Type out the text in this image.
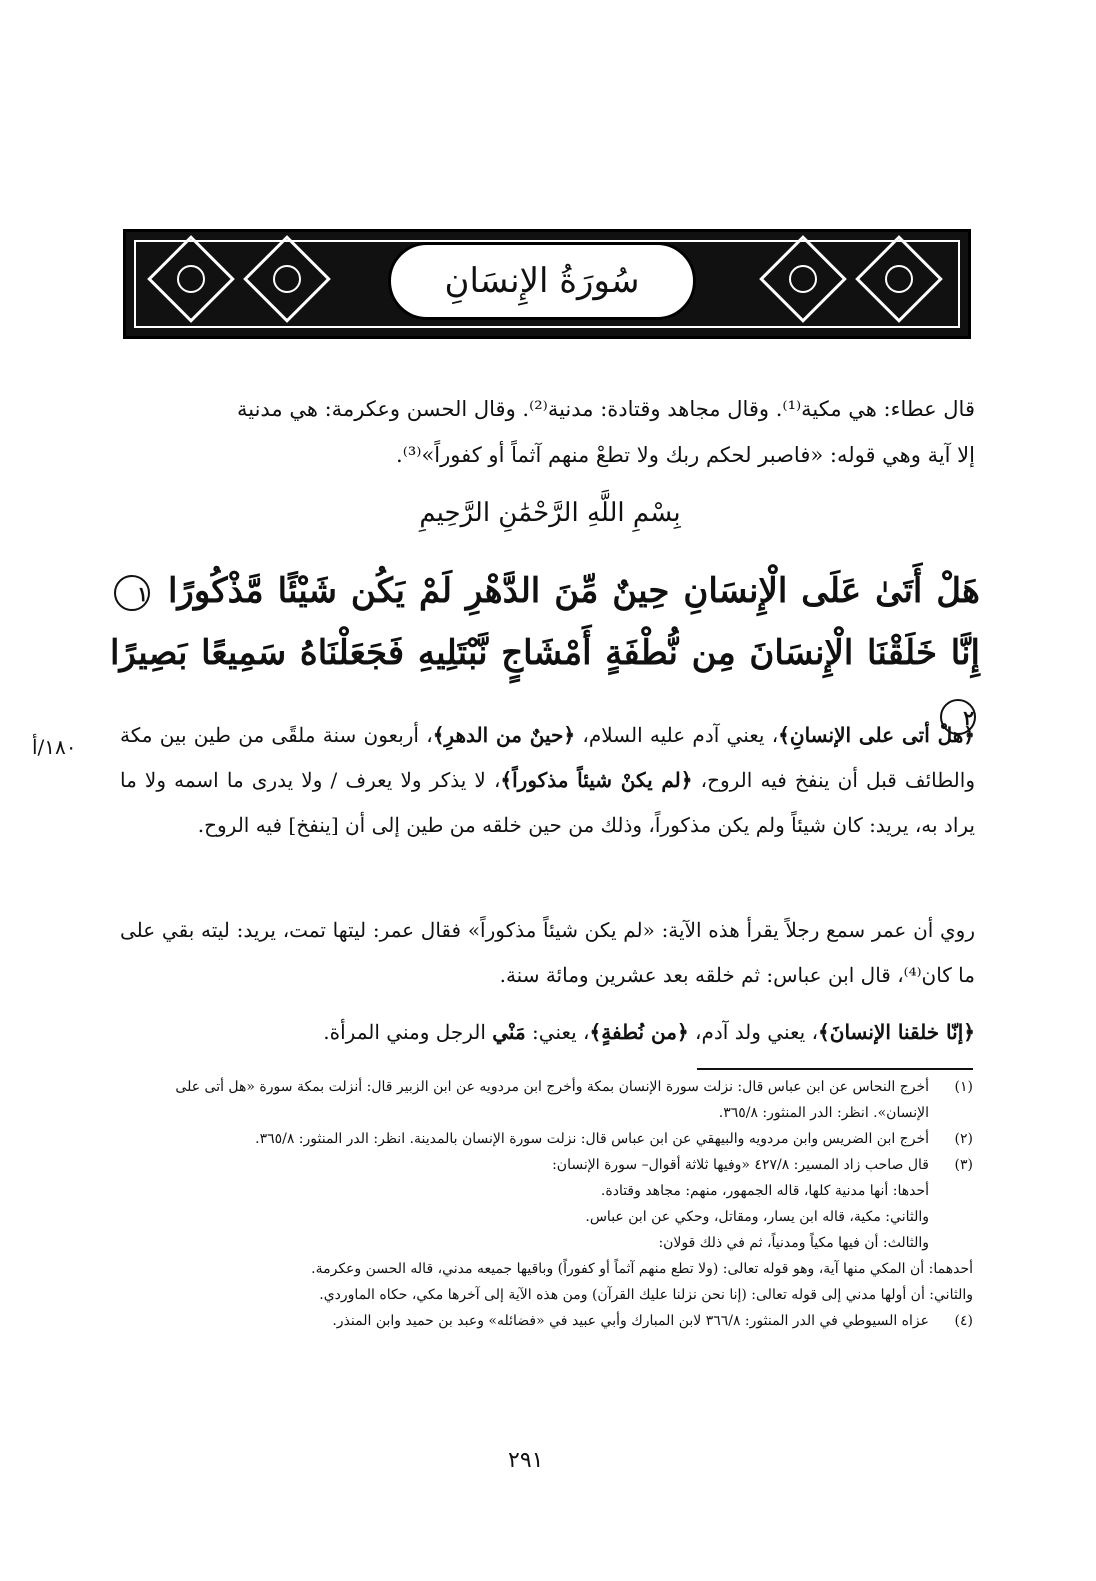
سُورَةُ الإِنسَانِ
قال عطاء: هي مكية⁽¹⁾. وقال مجاهد وقتادة: مدنية⁽²⁾. وقال الحسن وعكرمة: هي مدنية
إلا آية وهي قوله: «فاصبر لحكم ربك ولا تطعْ منهم آثماً أو كفوراً»⁽³⁾.
بِسْمِ اللَّهِ الرَّحْمَٰنِ الرَّحِيمِ
هَلْ أَتَىٰ عَلَى الْإِنسَانِ حِينٌ مِّنَ الدَّهْرِ لَمْ يَكُن شَيْئًا مَّذْكُورًا ١ إِنَّا خَلَقْنَا الْإِنسَانَ مِن نُّطْفَةٍ أَمْشَاجٍ نَّبْتَلِيهِ فَجَعَلْنَاهُ سَمِيعًا بَصِيرًا ٢
﴿هلْ أتى على الإنسانِ﴾، يعني آدم عليه السلام، ﴿حينٌ من الدهرِ﴾، أربعون سنة ملقًى من طين بين مكة والطائف قبل أن ينفخ فيه الروح، ﴿لم يكنْ شيئاً مذكوراً﴾، لا يذكر ولا يعرف / ولا يدرى ما اسمه ولا ما يراد به، يريد: كان شيئاً ولم يكن مذكوراً، وذلك من حين خلقه من طين إلى أن [ينفخ] فيه الروح.
١٨٠/أ
روي أن عمر سمع رجلاً يقرأ هذه الآية: «لم يكن شيئاً مذكوراً» فقال عمر: ليتها تمت، يريد: ليته بقي على ما كان⁽⁴⁾، قال ابن عباس: ثم خلقه بعد عشرين ومائة سنة.
﴿إنّا خلقنا الإنسانَ﴾، يعني ولد آدم، ﴿من نُطفةٍ﴾، يعني: مَنْي الرجل ومني المرأة.
(١)
أخرج النحاس عن ابن عباس قال: نزلت سورة الإنسان بمكة وأخرج ابن مردويه عن ابن الزبير قال: أنزلت بمكة سورة «هل أتى على الإنسان». انظر: الدر المنثور: ٣٦٥/٨.
(٢)
أخرج ابن الضريس وابن مردويه والبيهقي عن ابن عباس قال: نزلت سورة الإنسان بالمدينة. انظر: الدر المنثور: ٣٦٥/٨.
(٣)
قال صاحب زاد المسير: ٤٢٧/٨ «وفيها ثلاثة أقوال– سورة الإنسان:
أحدها: أنها مدنية كلها، قاله الجمهور، منهم: مجاهد وقتادة.
والثاني: مكية، قاله ابن يسار، ومقاتل، وحكي عن ابن عباس.
والثالث: أن فيها مكياً ومدنياً، ثم في ذلك قولان:
أحدهما: أن المكي منها آية، وهو قوله تعالى: (ولا تطع منهم آثماً أو كفوراً) وباقيها جميعه مدني، قاله الحسن وعكرمة.
والثاني: أن أولها مدني إلى قوله تعالى: (إنا نحن نزلنا عليك القرآن) ومن هذه الآية إلى آخرها مكي، حكاه الماوردي.
(٤)
عزاه السيوطي في الدر المنثور: ٣٦٦/٨ لابن المبارك وأبي عبيد في «فضائله» وعبد بن حميد وابن المنذر.
٢٩١
